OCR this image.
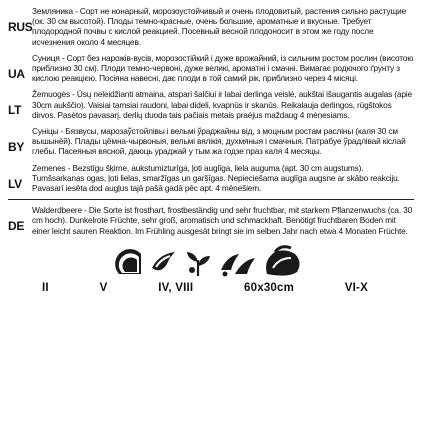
RUS
Земляника - Сорт не нонарный, морозоустойчивый и очень плодовитый, растения сильно растущие (ок. 30 см высотой). Плоды темно-красные, очень большие, ароматные и вкусные. Требует плодородной почвы с кислой реакцией. Посевный весной плодоносит в этом же году после исчезнения около 4 месяцев.
UA
Суниця - Сорт без нарожів-вусів, морозостійкий і дуже врожайний, із сильним ростом рослин (висотою приблизно 30 см). Плоди темно-червоні, дуже великі, ароматні і смачні. Вимагає родючого ґрунту з кислою реакцією. Посіяна навесні, дає плоди в той самий рік, приблизно через 4 місяці.
LT
Žemuogės - Ūsų neleidžianti atmaina, atspari šalčiui ir labai derlinga veislė, aukštai išaugantis augalas (apie 30cm aukščio). Vaisiai tamsiai raudoni, labai dideli, kvapnūs ir skanūs. Reikalauja derlingos, rūgštokos dirvos. Pasėtos pavasarį, derlių duoda tais pačiais metais praėjus maždaug 4 mėnesiams.
BY
Суніцы - Бязвусы, марозаўстойлівы і вельмі ўраджайны від, з моцным ростам расліны (каля 30 см вышынёй). Плады цёмна-чырвоныя, вельмі вялікія, духмяныя і смачныя. Патрабуе ўрадлівай кіслай глебы. Пасеяныя вясной, даюць ураджай у тым жа годзе праз каля 4 месяцы.
LV
Zemenes - Bezstīgu šķirne, aukstumizturīga, ļoti auglīga, liela auguma (apt. 30 cm augstums). Tumšsarkanas ogas, ļoti lielas, smaržīgas un garšīgas. Nepieciešama auglīga augsne ar skābo reakciju. Pavasarī iesēta dod augļus tajā pašā gadā pēc apt. 4 mēnešiem.
DE
Walderdbeere - Die Sorte ist frosthart, frostbeständig und sehr fruchtbar, mit starkem Pflanzenwuchs (ca. 30 cm hoch). Dunkelrote Früchte, sehr groß, aromatisch und schmackhaft. Benötigt fruchtbaren Boden mit einer leicht sauren Reaktion. Im Frühling ausgesät bringt sie im selben Jahr nach etwa 4 Monaten Früchte.
II	V	IV, VIII	60x30cm	VI-X
